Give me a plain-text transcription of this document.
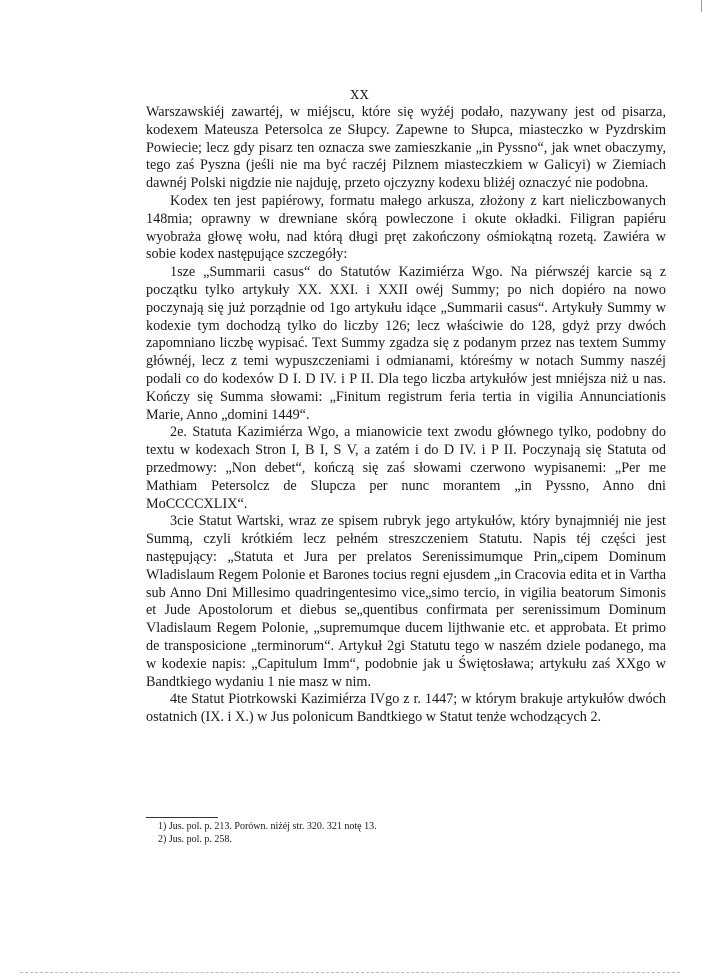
XX

Warszawskiéj zawartéj, w miéjscu, które się wyżéj podało, nazywany jest od pisarza, kodexem Mateusza Petersolca ze Słupcy. Zapewne to Słupca, miasteczko w Pyzdrskim Powiecie; lecz gdy pisarz ten oznacza swe zamieszkanie „in Pyssno“, jak wnet obaczymy, tego zaś Pyszna (jeśli nie ma być raczéj Pilznem miasteczkiem w Galicyi) w Ziemiach dawnéj Polski nigdzie nie najduję, przeto ojczyzny kodexu bliżéj oznaczyć nie podobna.

Kodex ten jest papiérowy, formatu małego arkusza, złożony z kart nieliczbowanych 148mia; oprawny w drewniane skórą powleczone i okute okładki. Filigran papiéru wyobraża głowę wołu, nad którą długi pręt zakończony ośmiokątną rozetą. Zawiéra w sobie kodex następujące szczegóły:

1sze „Summarii casus“ do Statutów Kazimiérza Wgo. Na piérwszéj karcie są z początku tylko artykuły XX. XXI. i XXII owéj Summy; po nich dopiéro na nowo poczynają się już porządnie od 1go artykułu idące „Summarii casus“. Artykuły Summy w kodexie tym dochodzą tylko do liczby 126; lecz właściwie do 128, gdyż przy dwóch zapomniano liczbę wypisać. Text Summy zgadza się z podanym przez nas textem Summy głównéj, lecz z temi wypuszczeniami i odmianami, któreśmy w notach Summy naszéj podali co do kodexów D I. D IV. i P II. Dla tego liczba artykułów jest mniéjsza niż u nas. Kończy się Summa słowami: „Finitum registrum feria tertia in vigilia Annunciationis Marie, Anno „domini 1449“.

2e. Statuta Kazimiérza Wgo, a mianowicie text zwodu głównego tylko, podobny do textu w kodexach Stron I, B I, S V, a zatém i do D IV. i P II. Poczynają się Statuta od przedmowy: „Non debet“, kończą się zaś słowami czerwono wypisanemi: „Per me Mathiam Petersolcz de Slupcza per nunc morantem „in Pyssno, Anno dni MoCCCCXLIX“.

3cie Statut Wartski, wraz ze spisem rubryk jego artykułów, który bynajmniéj nie jest Summą, czyli krótkiém lecz pełném streszczeniem Statutu. Napis téj części jest następujący: „Statuta et Jura per prelatos Serenissimumque Prin„cipem Dominum Wladislaum Regem Polonie et Barones tocius regni ejusdem „in Cracovia edita et in Vartha sub Anno Dni Millesimo quadringentesimo vice„simo tercio, in vigilia beatorum Simonis et Jude Apostolorum et diebus se„quentibus confirmata per serenissimum Dominum Vladislaum Regem Polonie, „supremumque ducem lijthwanie etc. et approbata. Et primo de transposicione „terminorum“. Artykuł 2gi Statutu tego w naszém dziele podanego, ma w kodexie napis: „Capitulum Imm“, podobnie jak u Świętosława; artykułu zaś XXgo w Bandtkiego wydaniu 1 nie masz w nim.

4te Statut Piotrkowski Kazimiérza IVgo z r. 1447; w którym brakuje artykułów dwóch ostatnich (IX. i X.) w Jus polonicum Bandtkiego w Statut tenże wchodzących 2.

1) Jus. pol. p. 213. Porówn. niżéj str. 320. 321 notę 13.
2) Jus. pol. p. 258.
